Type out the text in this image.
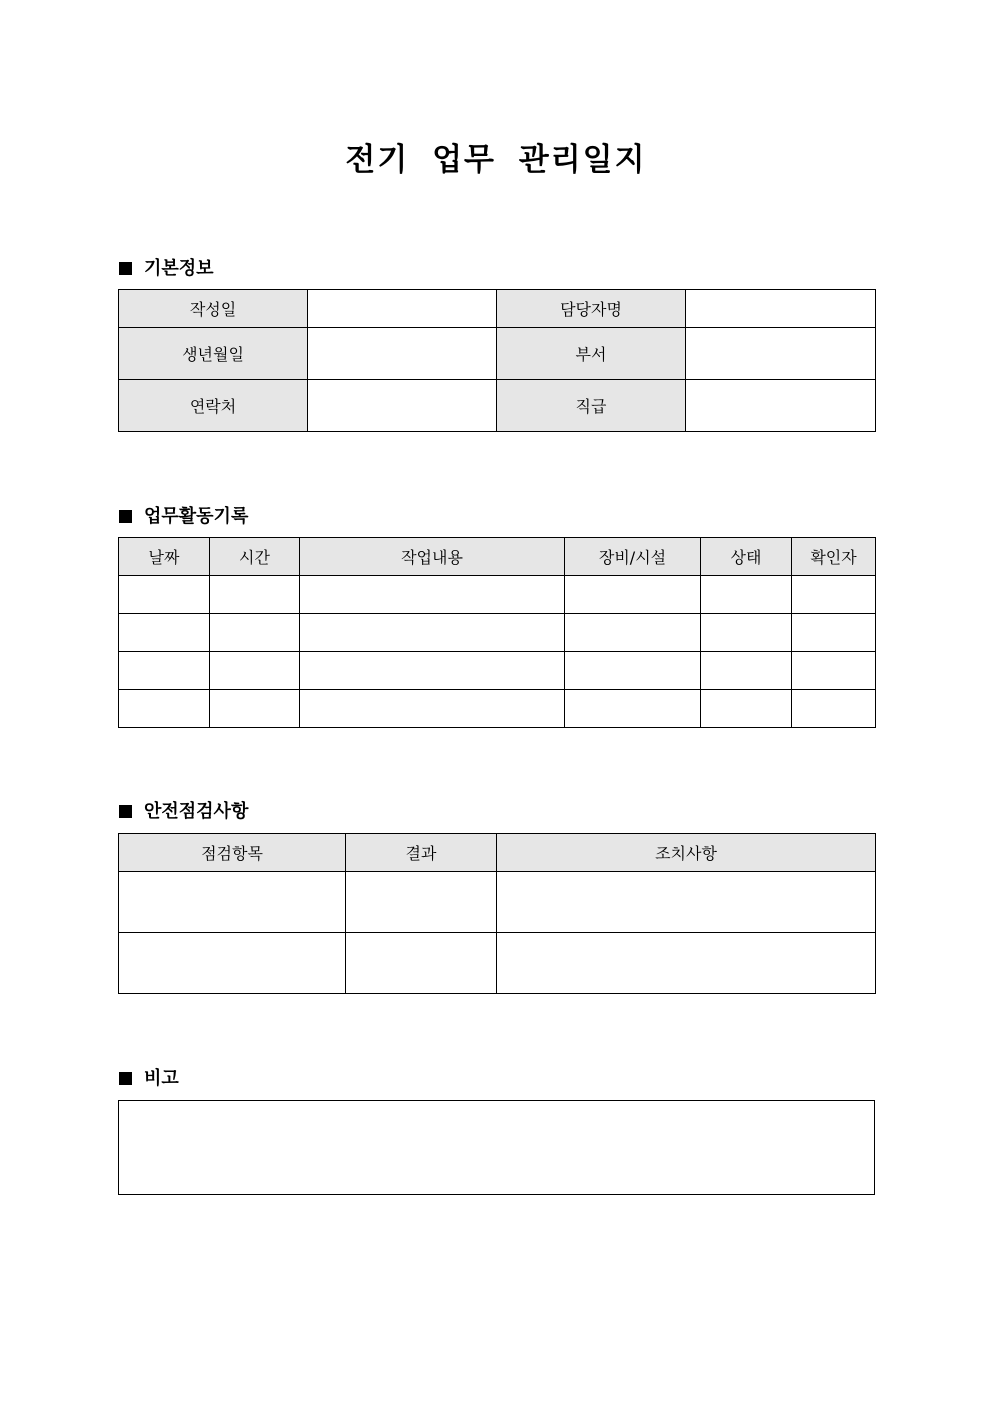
전기 업무 관리일지
기본정보
작성일		담당자명	
생년월일		부서	
연락처		직급	
업무활동기록
날짜	시간	작업내용	장비/시설	상태	확인자

안전점검사항
점검항목	결과	조치사항

비고
